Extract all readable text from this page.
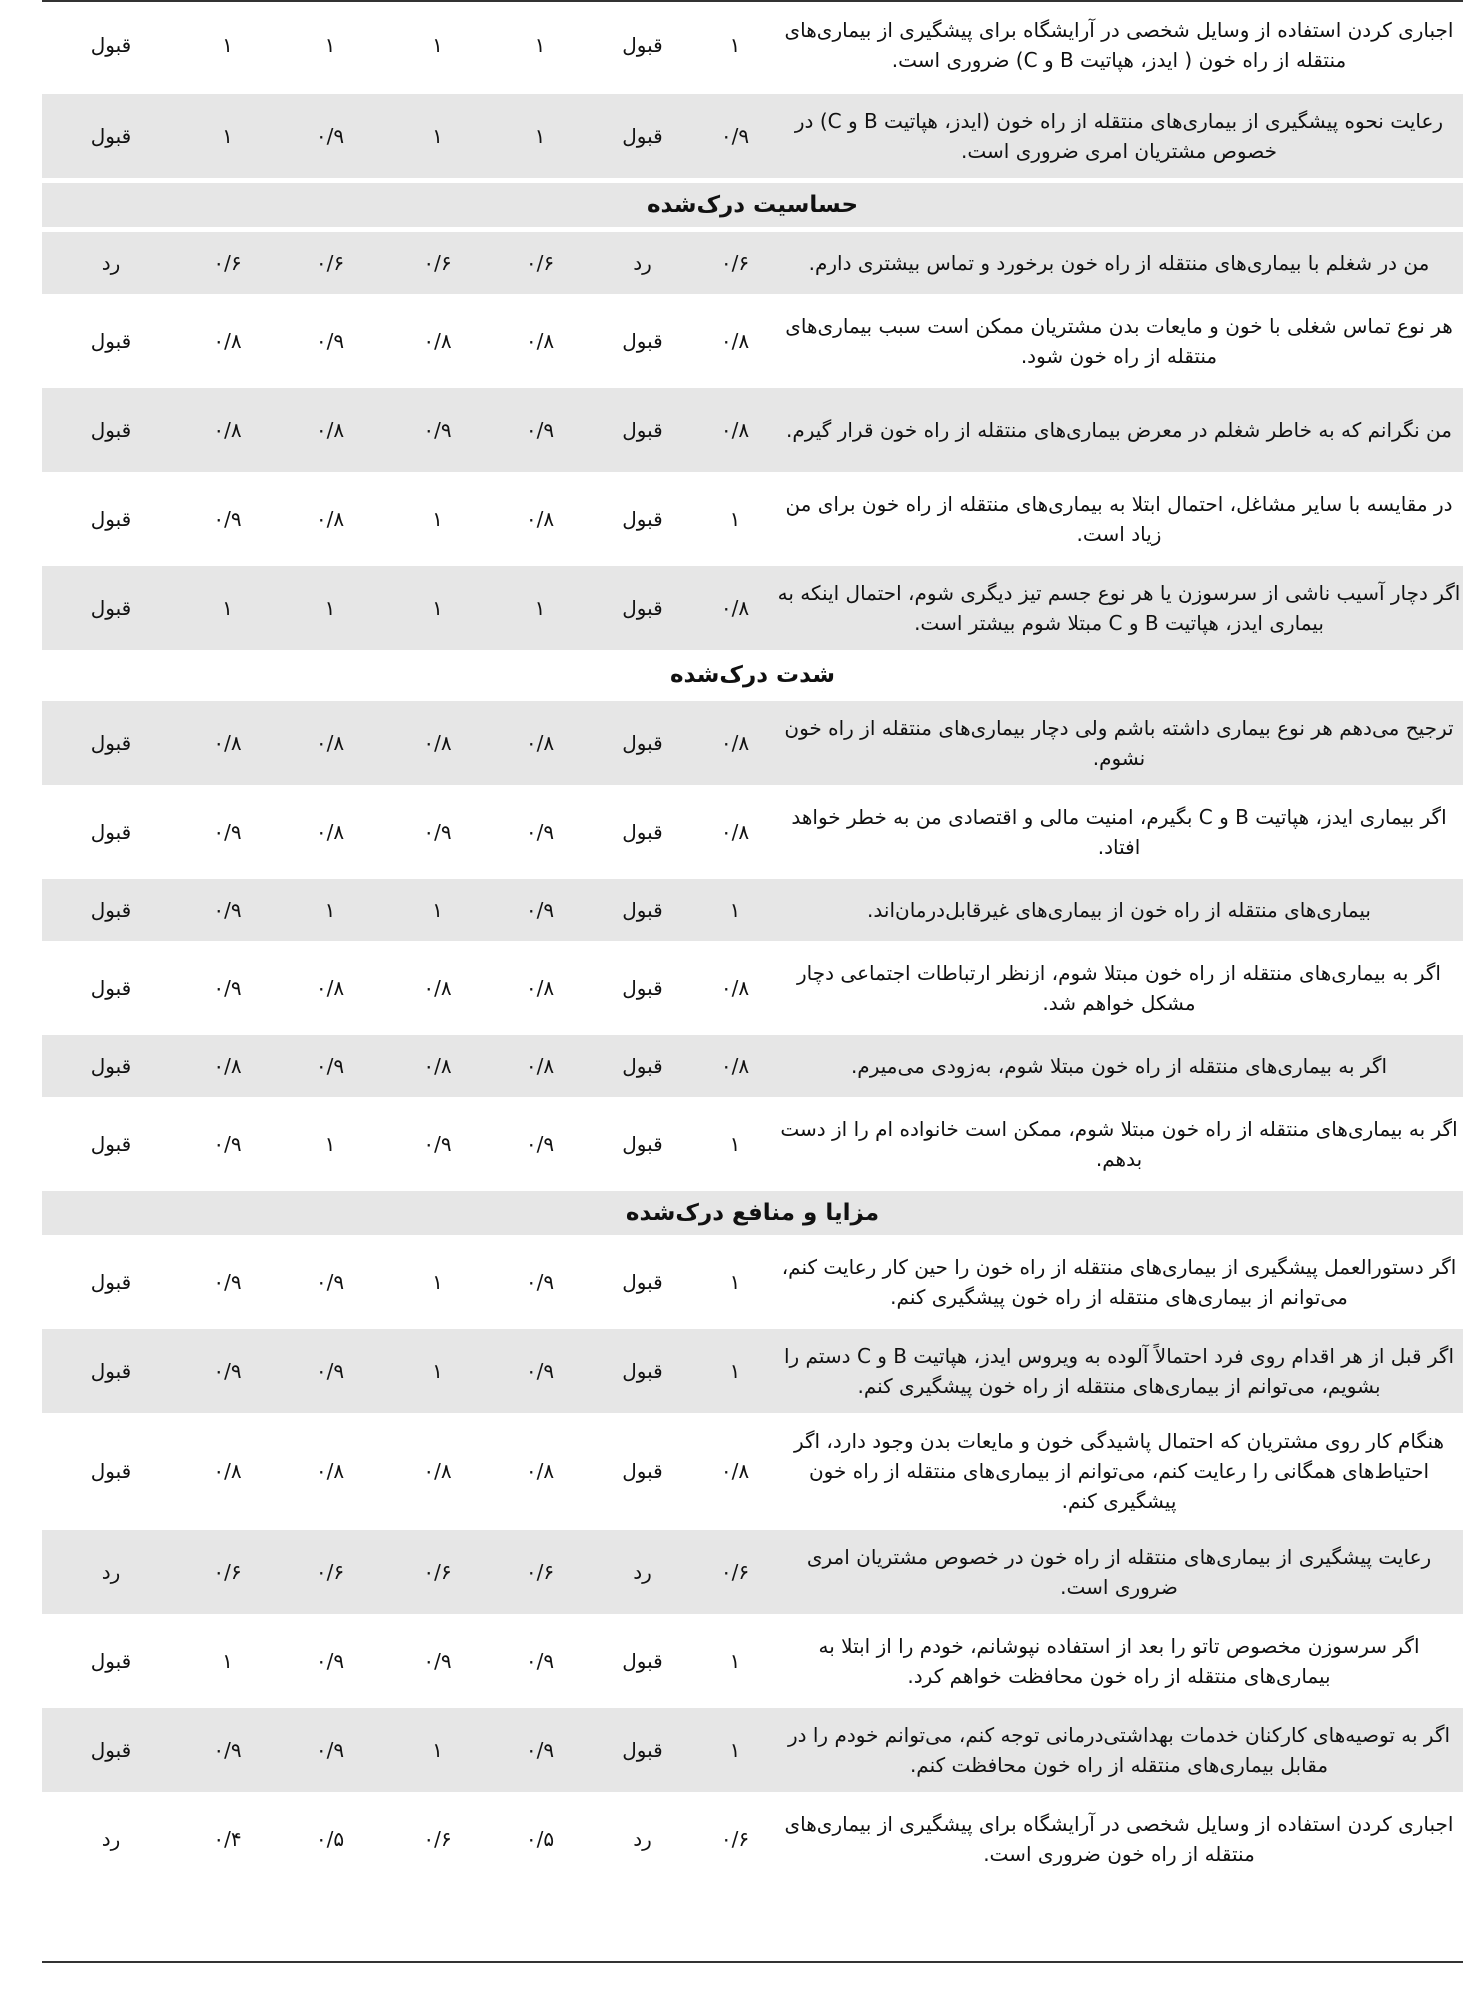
اجباری کردن استفاده از وسایل شخصی در آرایشگاه برای پیشگیری از بیماری‌های منتقله از راه خون ( ایدز، هپاتیت B و C) ضروری است.	۱	قبول	۱	۱	۱	۱	قبول
رعایت نحوه پیشگیری از بیماری‌های منتقله از راه خون (ایدز، هپاتیت B و C) در خصوص مشتریان امری ضروری است.	۰/۹	قبول	۱	۱	۰/۹	۱	قبول
حساسیت درک‌شده							
من در شغلم با بیماری‌های منتقله از راه خون برخورد و تماس بیشتری دارم.	۰/۶	رد	۰/۶	۰/۶	۰/۶	۰/۶	رد
هر نوع تماس شغلی با خون و مایعات بدن مشتریان ممکن است سبب بیماری‌های منتقله از راه خون شود.	۰/۸	قبول	۰/۸	۰/۸	۰/۹	۰/۸	قبول
من نگرانم که به خاطر شغلم در معرض بیماری‌های منتقله از راه خون قرار گیرم.	۰/۸	قبول	۰/۹	۰/۹	۰/۸	۰/۸	قبول
در مقایسه با سایر مشاغل، احتمال ابتلا به بیماری‌های منتقله از راه خون برای من زیاد است.	۱	قبول	۰/۸	۱	۰/۸	۰/۹	قبول
اگر دچار آسیب ناشی از سرسوزن یا هر نوع جسم تیز دیگری شوم، احتمال اینکه به بیماری ایدز، هپاتیت B و C مبتلا شوم بیشتر است.	۰/۸	قبول	۱	۱	۱	۱	قبول
شدت درک‌شده							
ترجیح می‌دهم هر نوع بیماری داشته باشم ولی دچار بیماری‌های منتقله از راه خون نشوم.	۰/۸	قبول	۰/۸	۰/۸	۰/۸	۰/۸	قبول
اگر بیماری ایدز، هپاتیت B و C بگیرم، امنیت مالی و اقتصادی من به خطر خواهد افتاد.	۰/۸	قبول	۰/۹	۰/۹	۰/۸	۰/۹	قبول
بیماری‌های منتقله از راه خون از بیماری‌های غیرقابل‌درمان‌اند.	۱	قبول	۰/۹	۱	۱	۰/۹	قبول
اگر به بیماری‌های منتقله از راه خون مبتلا شوم، ازنظر ارتباطات اجتماعی دچار مشکل خواهم شد.	۰/۸	قبول	۰/۸	۰/۸	۰/۸	۰/۹	قبول
اگر به بیماری‌های منتقله از راه خون مبتلا شوم، به‌زودی می‌میرم.	۰/۸	قبول	۰/۸	۰/۸	۰/۹	۰/۸	قبول
اگر به بیماری‌های منتقله از راه خون مبتلا شوم، ممکن است خانواده ام را از دست بدهم.	۱	قبول	۰/۹	۰/۹	۱	۰/۹	قبول
مزایا و منافع درک‌شده							
اگر دستورالعمل پیشگیری از بیماری‌های منتقله از راه خون را حین کار رعایت کنم، می‌توانم از بیماری‌های منتقله از راه خون پیشگیری کنم.	۱	قبول	۰/۹	۱	۰/۹	۰/۹	قبول
اگر قبل از هر اقدام روی فرد احتمالاً آلوده به ویروس ایدز، هپاتیت B و C دستم را بشویم، می‌توانم از بیماری‌های منتقله از راه خون پیشگیری کنم.	۱	قبول	۰/۹	۱	۰/۹	۰/۹	قبول
هنگام کار روی مشتریان که احتمال پاشیدگی خون و مایعات بدن وجود دارد، اگر احتیاط‌های همگانی را رعایت کنم، می‌توانم از بیماری‌های منتقله از راه خون پیشگیری کنم.	۰/۸	قبول	۰/۸	۰/۸	۰/۸	۰/۸	قبول
رعایت پیشگیری از بیماری‌های منتقله از راه خون در خصوص مشتریان امری ضروری است.	۰/۶	رد	۰/۶	۰/۶	۰/۶	۰/۶	رد
اگر سرسوزن مخصوص تاتو را بعد از استفاده نپوشانم، خودم را از ابتلا به بیماری‌های منتقله از راه خون محافظت خواهم کرد.	۱	قبول	۰/۹	۰/۹	۰/۹	۱	قبول
اگر به توصیه‌های کارکنان خدمات بهداشتی‌درمانی توجه کنم، می‌توانم خودم را در مقابل بیماری‌های منتقله از راه خون محافظت کنم.	۱	قبول	۰/۹	۱	۰/۹	۰/۹	قبول
اجباری کردن استفاده از وسایل شخصی در آرایشگاه برای پیشگیری از بیماری‌های منتقله از راه خون ضروری است.	۰/۶	رد	۰/۵	۰/۶	۰/۵	۰/۴	رد
